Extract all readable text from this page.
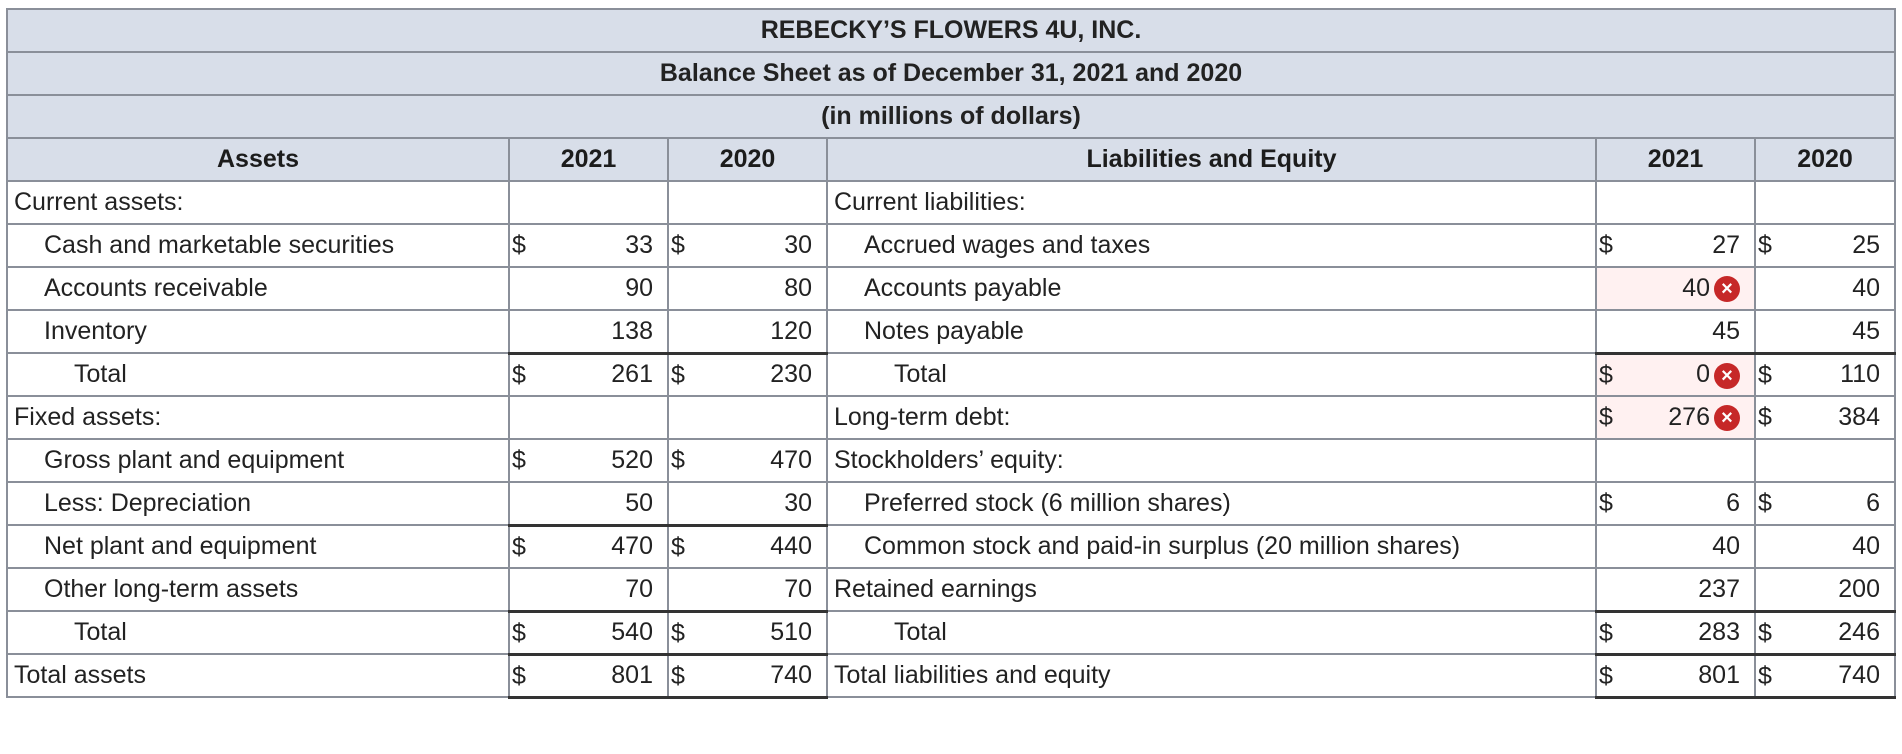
REBECKY’S FLOWERS 4U, INC.					
Balance Sheet as of December 31, 2021 and 2020					
(in millions of dollars)					
Assets	2021	2020	Liabilities and Equity	2021	2020
Current assets:			Current liabilities:		
Cash and marketable securities	$ 33	$ 30	Accrued wages and taxes	$ 27	$ 25
Accounts receivable	90	80	Accounts payable	40 ×	40
Inventory	138	120	Notes payable	45	45
Total	$ 261	$ 230	Total	$ 0 ×	$ 110
Fixed assets:			Long-term debt:	$ 276 ×	$ 384
Gross plant and equipment	$ 520	$ 470	Stockholders’ equity:		
Less: Depreciation	50	30	Preferred stock (6 million shares)	$ 6	$ 6
Net plant and equipment	$ 470	$ 440	Common stock and paid-in surplus (20 million shares)	40	40
Other long-term assets	70	70	Retained earnings	237	200
Total	$ 540	$ 510	Total	$ 283	$ 246
Total assets	$ 801	$ 740	Total liabilities and equity	$ 801	$ 740
